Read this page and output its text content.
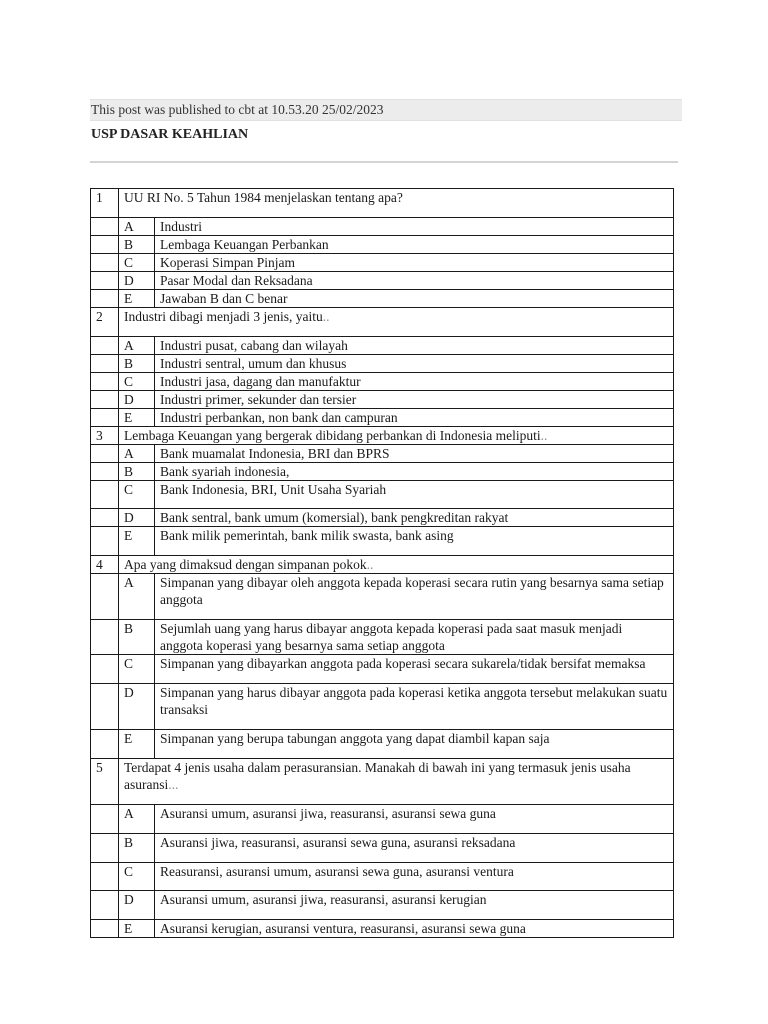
This post was published to cbt at 10.53.20 25/02/2023
USP DASAR KEAHLIAN
1	UU RI No. 5 Tahun 1984 menjelaskan tentang apa?	
	A	Industri
	B	Lembaga Keuangan Perbankan
	C	Koperasi Simpan Pinjam
	D	Pasar Modal dan Reksadana
	E	Jawaban B dan C benar
2	Industri dibagi menjadi 3 jenis, yaitu..	
	A	Industri pusat, cabang dan wilayah
	B	Industri sentral, umum dan khusus
	C	Industri jasa, dagang dan manufaktur
	D	Industri primer, sekunder dan tersier
	E	Industri perbankan, non bank dan campuran
3	Lembaga Keuangan yang bergerak dibidang perbankan di Indonesia meliputi..	
	A	Bank muamalat Indonesia, BRI dan BPRS
	B	Bank syariah indonesia,
	C	Bank Indonesia, BRI, Unit Usaha Syariah
	D	Bank sentral, bank umum (komersial), bank pengkreditan rakyat
	E	Bank milik pemerintah, bank milik swasta, bank asing
4	Apa yang dimaksud dengan simpanan pokok..	
	A	Simpanan yang dibayar oleh anggota kepada koperasi secara rutin yang besarnya sama setiap anggota
	B	Sejumlah uang yang harus dibayar anggota kepada koperasi pada saat masuk menjadi anggota koperasi yang besarnya sama setiap anggota
	C	Simpanan yang dibayarkan anggota pada koperasi secara sukarela/tidak bersifat memaksa
	D	Simpanan yang harus dibayar anggota pada koperasi ketika anggota tersebut melakukan suatu transaksi
	E	Simpanan yang berupa tabungan anggota yang dapat diambil kapan saja
5	Terdapat 4 jenis usaha dalam perasuransian. Manakah di bawah ini yang termasuk jenis usaha asuransi...	
	A	Asuransi umum, asuransi jiwa, reasuransi, asuransi sewa guna
	B	Asuransi jiwa, reasuransi, asuransi sewa guna, asuransi reksadana
	C	Reasuransi, asuransi umum, asuransi sewa guna, asuransi ventura
	D	Asuransi umum, asuransi jiwa, reasuransi, asuransi kerugian
	E	Asuransi kerugian, asuransi ventura, reasuransi, asuransi sewa guna
